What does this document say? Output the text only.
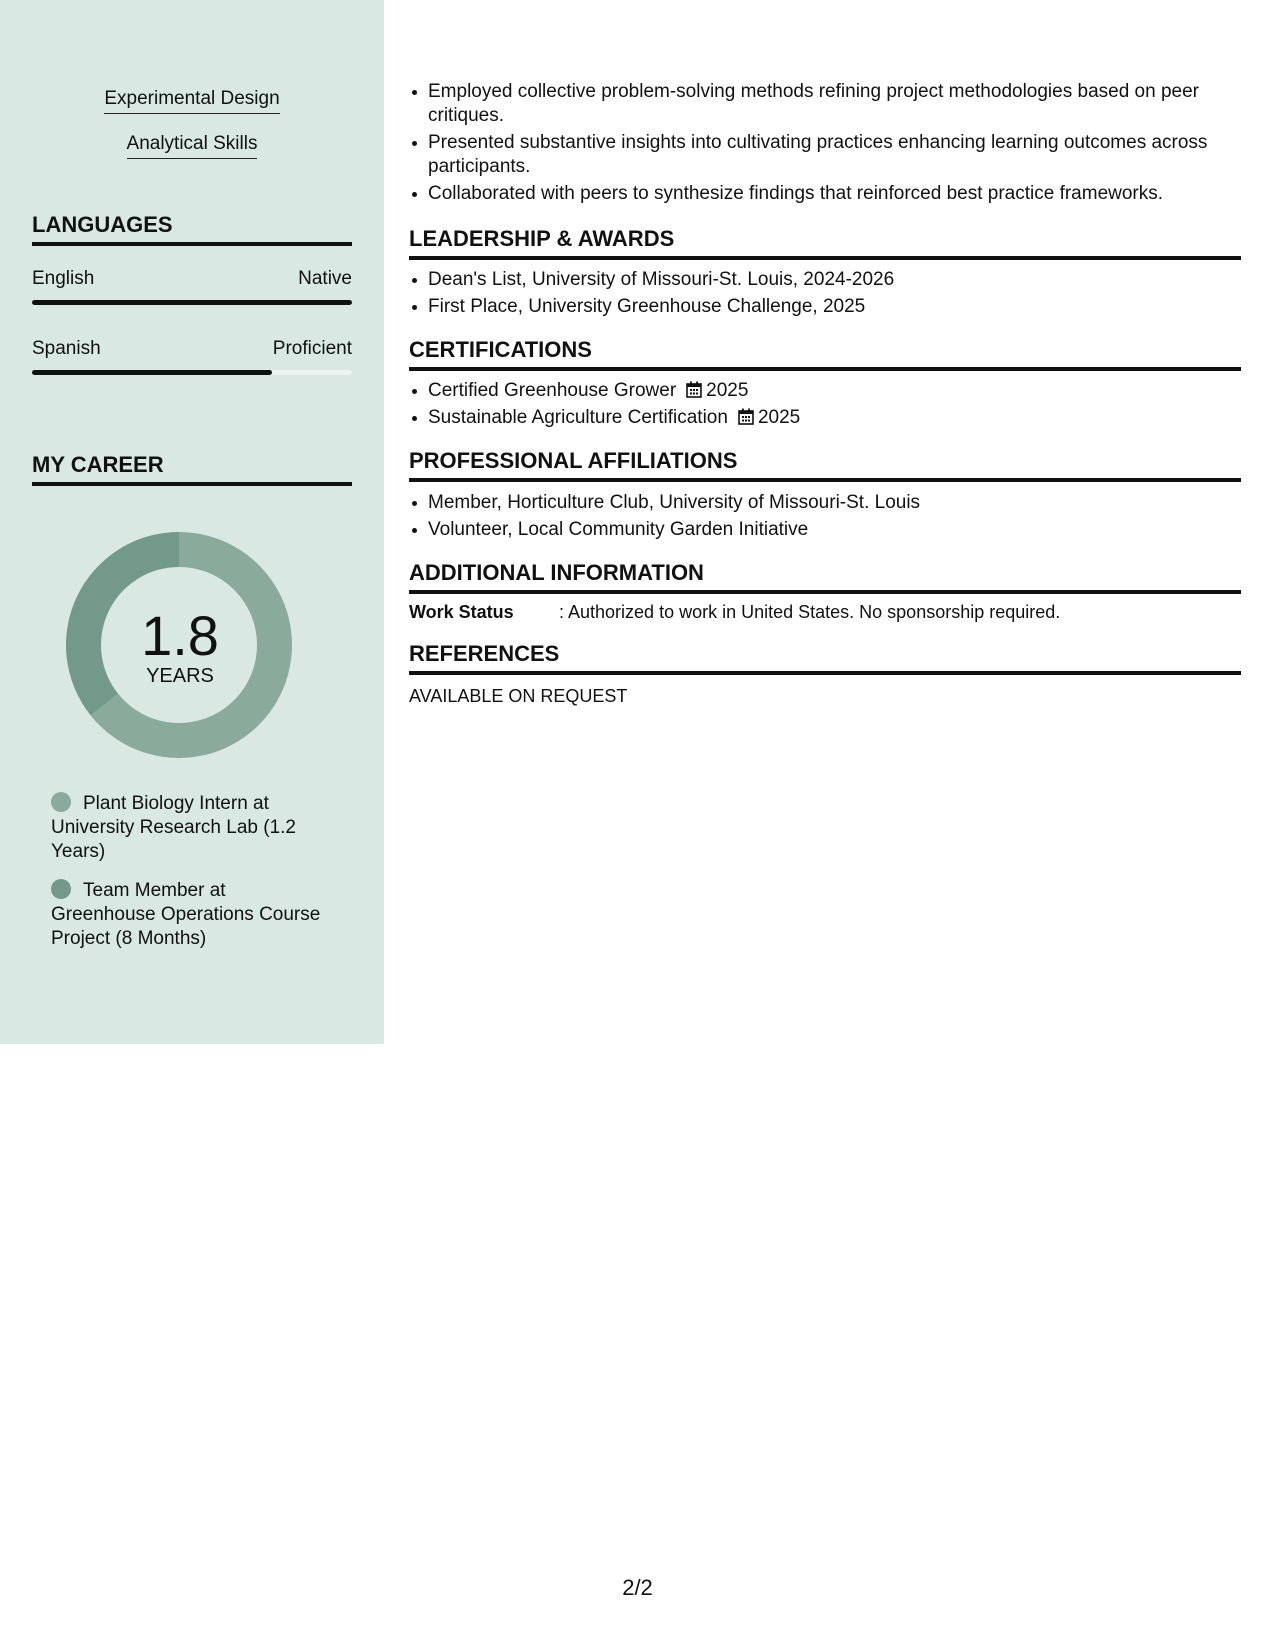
Experimental Design
Analytical Skills
LANGUAGES
English	Native
Spanish	Proficient
MY CAREER
1.8
YEARS
Plant Biology Intern at University Research Lab (1.2 Years)
Team Member at Greenhouse Operations Course Project (8 Months)
Employed collective problem-solving methods refining project methodologies based on peer critiques.
Presented substantive insights into cultivating practices enhancing learning outcomes across participants.
Collaborated with peers to synthesize findings that reinforced best practice frameworks.
LEADERSHIP & AWARDS
Dean's List, University of Missouri-St. Louis, 2024-2026
First Place, University Greenhouse Challenge, 2025
CERTIFICATIONS
Certified Greenhouse Grower 2025
Sustainable Agriculture Certification 2025
PROFESSIONAL AFFILIATIONS
Member, Horticulture Club, University of Missouri-St. Louis
Volunteer, Local Community Garden Initiative
ADDITIONAL INFORMATION
Work Status	: Authorized to work in United States. No sponsorship required.
REFERENCES
AVAILABLE ON REQUEST
2/2
